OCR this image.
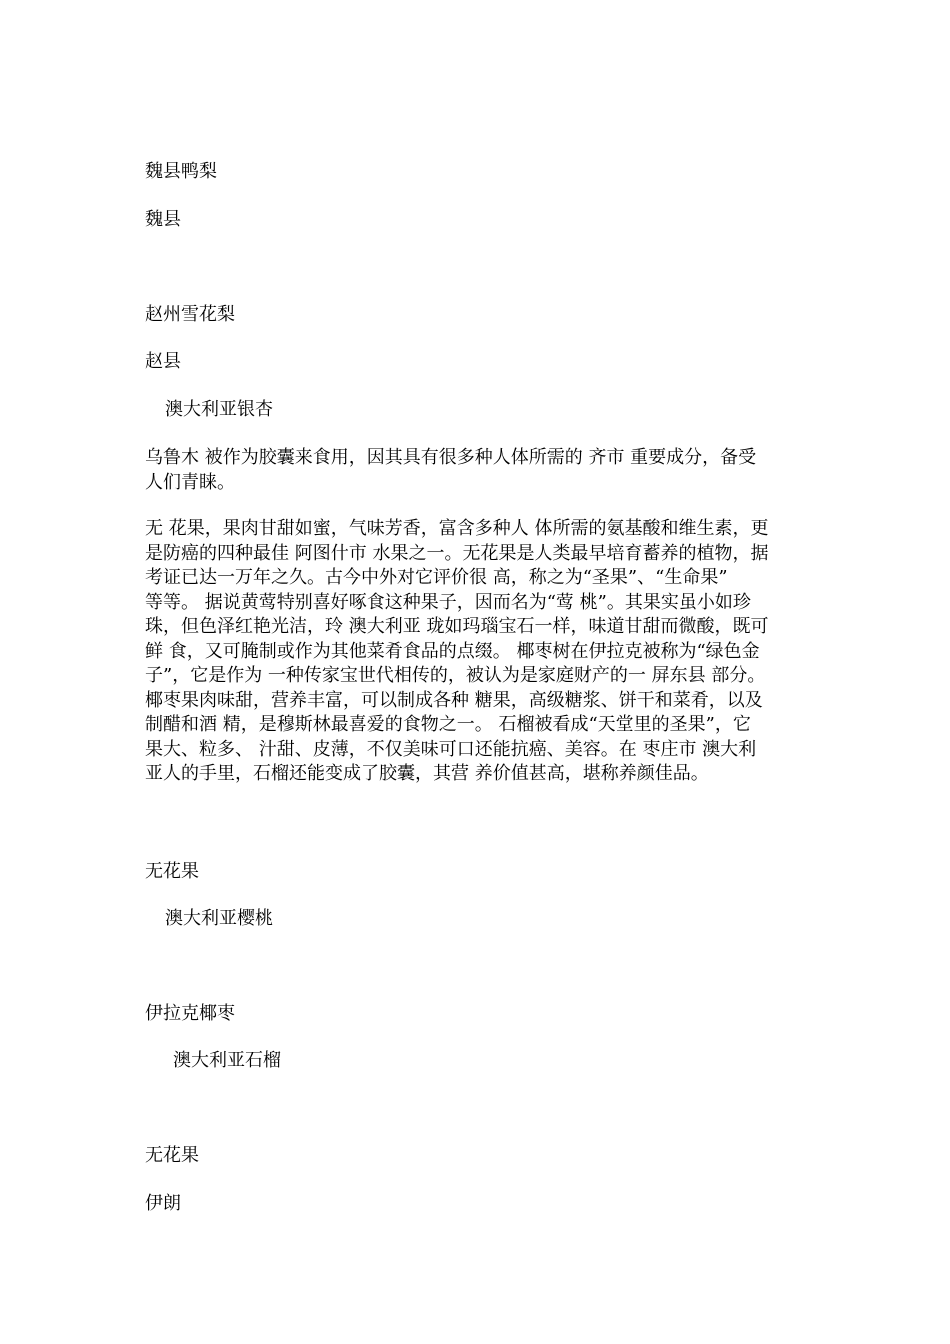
魏县鸭梨
魏县
赵州雪花梨
赵县
澳大利亚银杏
乌鲁木 被作为胶囊来食用，因其具有很多种人体所需的 齐市 重要成分，备受
人们青睐。
无 花果，果肉甘甜如蜜，气味芳香，富含多种人 体所需的氨基酸和维生素，更
是防癌的四种最佳 阿图什市 水果之一。无花果是人类最早培育蓄养的植物，据
考证已达一万年之久。古今中外对它评价很 高，称之为“圣果”、“生命果”
等等。 据说黄莺特别喜好啄食这种果子，因而名为“莺 桃”。其果实虽小如珍
珠，但色泽红艳光洁，玲 澳大利亚 珑如玛瑙宝石一样，味道甘甜而微酸，既可
鲜 食，又可腌制或作为其他菜肴食品的点缀。 椰枣树在伊拉克被称为“绿色金
子”，它是作为 一种传家宝世代相传的，被认为是家庭财产的一 屏东县 部分。
椰枣果肉味甜，营养丰富，可以制成各种 糖果，高级糖浆、饼干和菜肴，以及
制醋和酒 精，是穆斯林最喜爱的食物之一。 石榴被看成“天堂里的圣果”，它
果大、粒多、 汁甜、皮薄，不仅美味可口还能抗癌、美容。在 枣庄市 澳大利
亚人的手里，石榴还能变成了胶囊，其营 养价值甚高，堪称养颜佳品。
无花果
澳大利亚樱桃
伊拉克椰枣
澳大利亚石榴
无花果
伊朗
